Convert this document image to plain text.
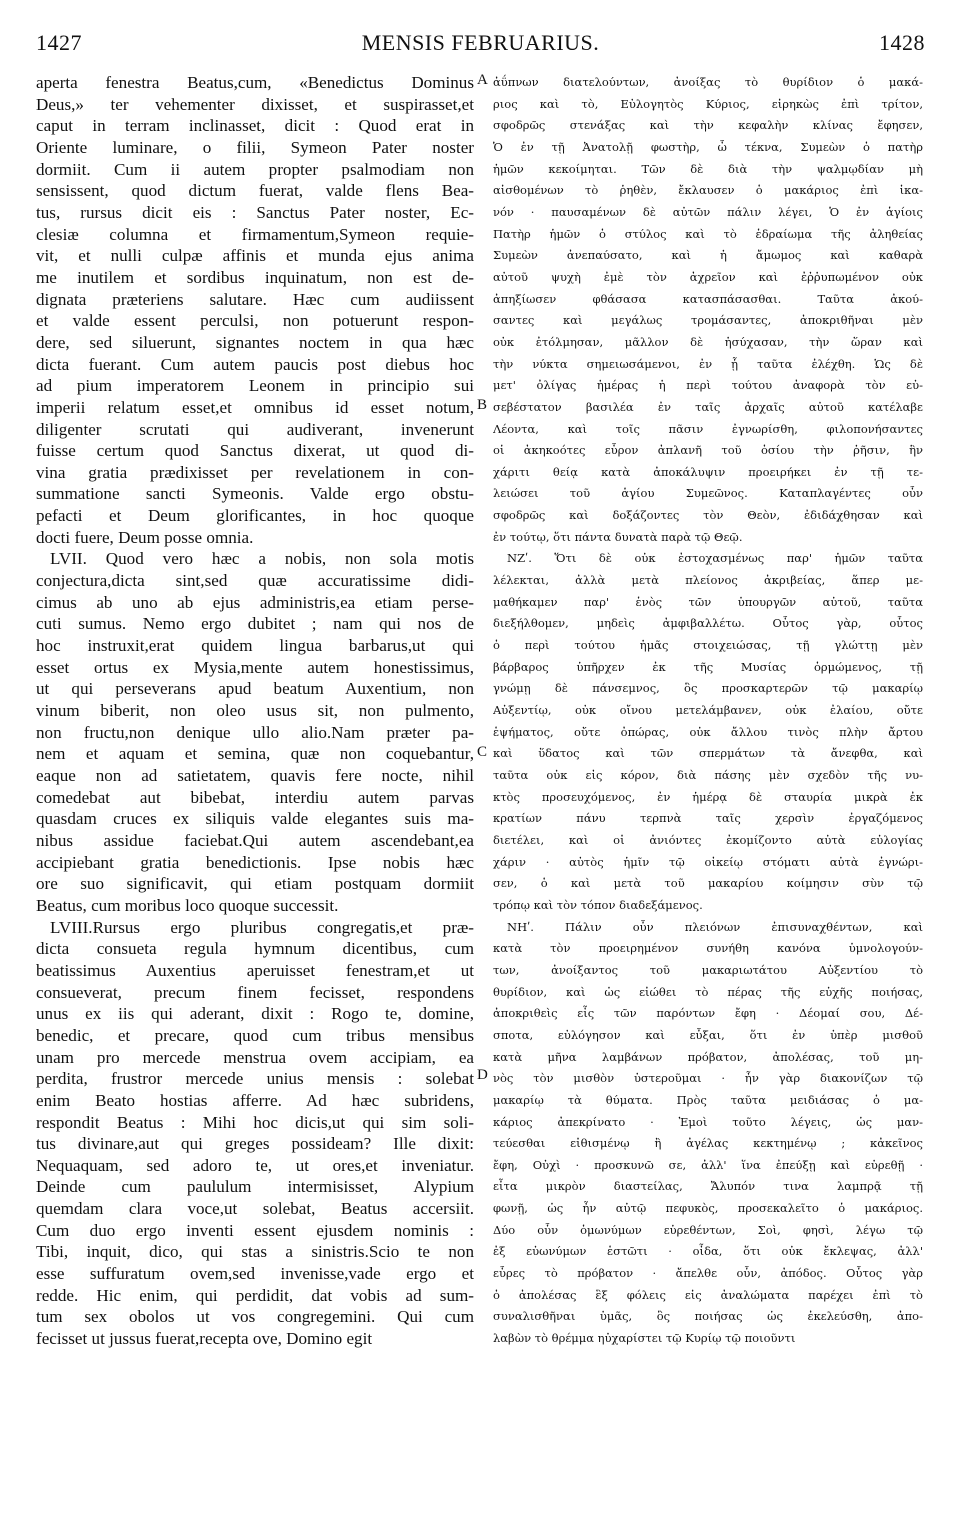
1427	MENSIS FEBRUARIUS.	1428
aperta fenestra Beatus,cum, «Benedictus Dominus
Deus,» ter vehementer dixisset, et suspirasset,et
caput in terram inclinasset, dicit : Quod erat in
Oriente luminare, o filii, Symeon Pater noster
dormiit. Cum ii autem propter psalmodiam non
sensissent, quod dictum fuerat, valde flens Bea-
tus, rursus dicit eis : Sanctus Pater noster, Ec-
clesiæ columna et firmamentum,Symeon requie-
vit, et nulli culpæ affinis et munda ejus anima
me inutilem et sordibus inquinatum, non est de-
dignata præteriens salutare. Hæc cum audiissent
et valde essent perculsi, non potuerunt respon-
dere, sed siluerunt, signantes noctem in qua hæc
dicta fuerant. Cum autem paucis post diebus hoc
ad pium imperatorem Leonem in principio sui
imperii relatum esset,et omnibus id esset notum,
diligenter scrutati qui audiverant, invenerunt
fuisse certum quod Sanctus dixerat, ut quod di-
vina gratia prædixisset per revelationem in con-
summatione sancti Symeonis. Valde ergo obstu-
pefacti et Deum glorificantes, in hoc quoque
docti fuere, Deum posse omnia.
LVII. Quod vero hæc a nobis, non sola motis
conjectura,dicta sint,sed quæ accuratissime didi-
cimus ab uno ab ejus administris,ea etiam perse-
cuti sumus. Nemo ergo dubitet ; nam qui nos de
hoc instruxit,erat quidem lingua barbarus,ut qui
esset ortus ex Mysia,mente autem honestissimus,
ut qui perseverans apud beatum Auxentium, non
vinum biberit, non oleo usus sit, non pulmento,
non fructu,non denique ullo alio.Nam præter pa-
nem et aquam et semina, quæ non coquebantur,
eaque non ad satietatem, quavis fere nocte, nihil
comedebat aut bibebat, interdiu autem parvas
quasdam cruces ex siliquis valde elegantes suis ma-
nibus assidue faciebat.Qui autem ascendebant,ea
accipiebant gratia benedictionis. Ipse nobis hæc
ore suo significavit, qui etiam postquam dormiit
Beatus, cum moribus loco quoque successit.
LVIII.Rursus ergo pluribus congregatis,et præ-
dicta consueta regula hymnum dicentibus, cum
beatissimus Auxentius aperuisset fenestram,et ut
consueverat, precum finem fecisset, respondens
unus ex iis qui aderant, dixit : Rogo te, domine,
benedic, et precare, quod cum tribus mensibus
unam pro mercede menstrua ovem accipiam, ea
perdita, frustror mercede unius mensis : solebat
enim Beato hostias afferre. Ad hæc subridens,
respondit Beatus : Mihi hoc dicis,ut qui sim soli-
tus divinare,aut qui greges possideam? Ille dixit:
Nequaquam, sed adoro te, ut ores,et inveniatur.
Deinde cum paululum intermisisset, Alypium
quemdam clara voce,ut solebat, Beatus accersiit.
Cum duo ergo inventi essent ejusdem nominis :
Tibi, inquit, dico, qui stas a sinistris.Scio te non
esse suffuratum ovem,sed invenisse,vade ergo et
redde. Hic enim, qui perdidit, dat vobis ad sum-
tum sex obolos ut vos congregemini. Qui cum
fecisset ut jussus fuerat,recepta ove, Domino egit
ἀΰπνων διατελούντων, ἀνοίξας τὸ θυρίδιον ὁ μακά-
ριος καὶ τὸ, Εὐλογητὸς Κύριος, εἰρηκὼς ἐπὶ τρίτον,
σφοδρῶς στενάξας καὶ τὴν κεφαλὴν κλίνας ἔφησεν,
Ὁ ἐν τῇ Ἀνατολῇ φωστὴρ, ὦ τέκνα, Συμεὼν ὁ πατὴρ
ἡμῶν κεκοίμηται. Τῶν δὲ διὰ τὴν ψαλμῳδίαν μὴ
αἰσθομένων τὸ ῥηθὲν, ἔκλαυσεν ὁ μακάριος ἐπὶ ἱκα-
νόν · παυσαμένων δὲ αὐτῶν πάλιν λέγει, Ὁ ἐν ἁγίοις
Πατὴρ ἡμῶν ὁ στύλος καὶ τὸ ἑδραίωμα τῆς ἀληθείας
Συμεὼν ἀνεπαύσατο, καὶ ἡ ἄμωμος καὶ καθαρὰ
αὐτοῦ ψυχὴ ἐμὲ τὸν ἀχρεῖον καὶ ἐῤῥυπωμένον οὐκ
ἀπηξίωσεν φθάσασα κατασπάσασθαι. Ταῦτα ἀκού-
σαντες καὶ μεγάλως τρομάσαντες, ἀποκριθῆναι μὲν
οὐκ ἐτόλμησαν, μᾶλλον δὲ ἡσύχασαν, τὴν ὥραν καὶ
τὴν νύκτα σημειωσάμενοι, ἐν ᾗ ταῦτα ἐλέχθη. Ὡς δὲ
μετ' ὀλίγας ἡμέρας ἡ περὶ τούτου ἀναφορὰ τὸν εὐ-
σεβέστατον βασιλέα ἐν ταῖς ἀρχαῖς αὐτοῦ κατέλαβε
Λέοντα, καὶ τοῖς πᾶσιν ἐγνωρίσθη, φιλοπονήσαντες
οἱ ἀκηκοότες εὗρον ἀπλανῆ τοῦ ὁσίου τὴν ῥῆσιν, ἣν
χάριτι θείᾳ κατὰ ἀποκάλυψιν προειρήκει ἐν τῇ τε-
λειώσει τοῦ ἁγίου Συμεῶνος. Καταπλαγέντες οὖν
σφοδρῶς καὶ δοξάζοντες τὸν Θεὸν, ἐδιδάχθησαν καὶ
ἐν τούτῳ, ὅτι πάντα δυνατὰ παρὰ τῷ Θεῷ.
ΝΖʹ. Ὅτι δὲ οὐκ ἐστοχασμένως παρ' ἡμῶν ταῦτα
λέλεκται, ἀλλὰ μετὰ πλείονος ἀκριβείας, ἅπερ με-
μαθήκαμεν παρ' ἑνὸς τῶν ὑπουργῶν αὐτοῦ, ταῦτα
διεξήλθομεν, μηδεὶς ἀμφιβαλλέτω. Οὗτος γὰρ, οὗτος
ὁ περὶ τούτου ἡμᾶς στοιχειώσας, τῇ γλώττῃ μὲν
βάρβαρος ὑπῆρχεν ἐκ τῆς Μυσίας ὁρμώμενος, τῇ
γνώμῃ δὲ πάνσεμνος, ὃς προσκαρτερῶν τῷ μακαρίῳ
Αὐξεντίῳ, οὐκ οἴνου μετελάμβανεν, οὐκ ἐλαίου, οὔτε
ἑψήματος, οὔτε ὀπώρας, οὐκ ἄλλου τινὸς πλὴν ἄρτου
καὶ ὕδατος καὶ τῶν σπερμάτων τὰ ἄνεφθα, καὶ
ταῦτα οὐκ εἰς κόρον, διὰ πάσης μὲν σχεδὸν τῆς νυ-
κτὸς προσευχόμενος, ἐν ἡμέρᾳ δὲ σταυρία μικρὰ ἐκ
κρατίων πάνυ τερπνὰ ταῖς χερσὶν ἐργαζόμενος
διετέλει, καὶ οἱ ἀνιόντες ἐκομίζοντο αὐτὰ εὐλογίας
χάριν · αὐτὸς ἡμῖν τῷ οἰκείῳ στόματι αὐτὰ ἐγνώρι-
σεν, ὁ καὶ μετὰ τοῦ μακαρίου κοίμησιν σὺν τῷ
τρόπῳ καὶ τὸν τόπον διαδεξάμενος.
ΝΗʹ. Πάλιν οὖν πλειόνων ἐπισυναχθέντων, καὶ
κατὰ τὸν προειρημένον συνήθη κανόνα ὑμνολογούν-
των, ἀνοίξαντος τοῦ μακαριωτάτου Αὐξεντίου τὸ
θυρίδιον, καὶ ὡς εἰώθει τὸ πέρας τῆς εὐχῆς ποιήσας,
ἀποκριθεὶς εἷς τῶν παρόντων ἔφη · Δέομαί σου, Δέ-
σποτα, εὐλόγησον καὶ εὖξαι, ὅτι ἐν ὑπὲρ μισθοῦ
κατὰ μῆνα λαμβάνων πρόβατον, ἀπολέσας, τοῦ μη-
νὸς τὸν μισθὸν ὑστεροῦμαι · ἦν γὰρ διακονίζων τῷ
μακαρίῳ τὰ θύματα. Πρὸς ταῦτα μειδιάσας ὁ μα-
κάριος ἀπεκρίνατο · Ἐμοὶ τοῦτο λέγεις, ὡς μαν-
τεύεσθαι εἰθισμένῳ ἢ ἀγέλας κεκτημένῳ ; κἀκεῖνος
ἔφη, Οὐχὶ · προσκυνῶ σε, ἀλλ' ἵνα ἐπεύξῃ καὶ εὑρεθῇ ·
εἶτα μικρὸν διαστείλας, Ἄλυπόν τινα λαμπρᾷ τῇ
φωνῇ, ὡς ἦν αὐτῷ πεφυκὸς, προσεκαλεῖτο ὁ μακάριος.
Δύο οὖν ὁμωνύμων εὑρεθέντων, Σοὶ, φησὶ, λέγω τῷ
ἐξ εὐωνύμων ἑστῶτι · οἶδα, ὅτι οὐκ ἔκλεψας, ἀλλ'
εὗρες τὸ πρόβατον · ἄπελθε οὖν, ἀπόδος. Οὗτος γὰρ
ὁ ἀπολέσας ἓξ φόλεις εἰς ἀναλώματα παρέχει ἐπὶ τὸ
συναλισθῆναι ὑμᾶς, ὃς ποιήσας ὡς ἐκελεύσθη, ἀπο-
λαβὼν τὸ θρέμμα ηὐχαρίστει τῷ Κυρίῳ τῷ ποιοῦντι
A
B
C
D
